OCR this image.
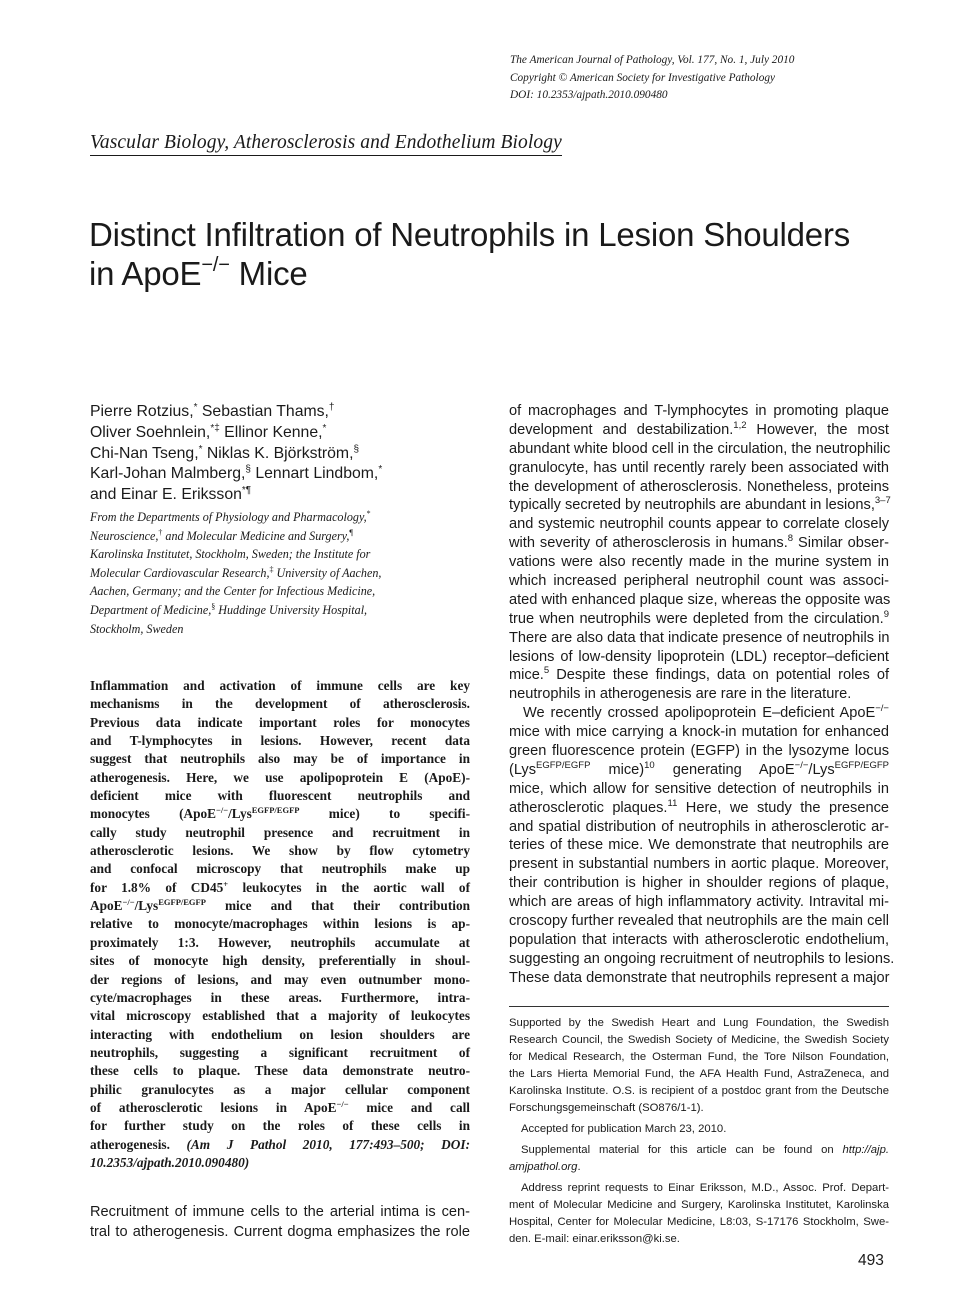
The American Journal of Pathology, Vol. 177, No. 1, July 2010
Copyright © American Society for Investigative Pathology
DOI: 10.2353/ajpath.2010.090480
Vascular Biology, Atherosclerosis and Endothelium Biology
Distinct Infiltration of Neutrophils in Lesion Shoulders
in ApoE−/− Mice
Pierre Rotzius,* Sebastian Thams,†
Oliver Soehnlein,*‡ Ellinor Kenne,*
Chi-Nan Tseng,* Niklas K. Björkström,§
Karl-Johan Malmberg,§ Lennart Lindbom,*
and Einar E. Eriksson*¶
From the Departments of Physiology and Pharmacology,*
Neuroscience,† and Molecular Medicine and Surgery,¶
Karolinska Institutet, Stockholm, Sweden; the Institute for
Molecular Cardiovascular Research,‡ University of Aachen,
Aachen, Germany; and the Center for Infectious Medicine,
Department of Medicine,§ Huddinge University Hospital,
Stockholm, Sweden
Inflammation and activation of immune cells are key
mechanisms in the development of atherosclerosis.
Previous data indicate important roles for monocytes
and T-lymphocytes in lesions. However, recent data
suggest that neutrophils also may be of importance in
atherogenesis. Here, we use apolipoprotein E (ApoE)-
deficient mice with fluorescent neutrophils and
monocytes (ApoE−/−/Lys$^{EGFP/EGFP}$ mice) to specifi-
cally study neutrophil presence and recruitment in
atherosclerotic lesions. We show by flow cytometry
and confocal microscopy that neutrophils make up
for 1.8% of CD45+ leukocytes in the aortic wall of
ApoE−/−/Lys$^{EGFP/EGFP}$ mice and that their contribution
relative to monocyte/macrophages within lesions is ap-
proximately 1:3. However, neutrophils accumulate at
sites of monocyte high density, preferentially in shoul-
der regions of lesions, and may even outnumber mono-
cyte/macrophages in these areas. Furthermore, intra-
vital microscopy established that a majority of leukocytes
interacting with endothelium on lesion shoulders are
neutrophils, suggesting a significant recruitment of
these cells to plaque. These data demonstrate neutro-
philic granulocytes as a major cellular component
of atherosclerotic lesions in ApoE−/− mice and call
for further study on the roles of these cells in
atherogenesis. (Am J Pathol 2010, 177:493–500; DOI:
10.2353/ajpath.2010.090480)
Recruitment of immune cells to the arterial intima is cen-
tral to atherogenesis. Current dogma emphasizes the role
of macrophages and T-lymphocytes in promoting plaque
development and destabilization.$^{1,2}$ However, the most
abundant white blood cell in the circulation, the neutrophilic
granulocyte, has until recently rarely been associated with
the development of atherosclerosis. Nonetheless, proteins
typically secreted by neutrophils are abundant in lesions,$^{3-7}$
and systemic neutrophil counts appear to correlate closely
with severity of atherosclerosis in humans.$^8$ Similar obser-
vations were also recently made in the murine system in
which increased peripheral neutrophil count was associ-
ated with enhanced plaque size, whereas the opposite was
true when neutrophils were depleted from the circulation.$^9$
There are also data that indicate presence of neutrophils in
lesions of low-density lipoprotein (LDL) receptor–deficient
mice.$^5$ Despite these findings, data on potential roles of
neutrophils in atherogenesis are rare in the literature.
We recently crossed apolipoprotein E–deficient ApoE−/−
mice with mice carrying a knock-in mutation for enhanced
green fluorescence protein (EGFP) in the lysozyme locus
(Lys$^{EGFP/EGFP}$ mice)$^{10}$ generating ApoE−/−/Lys$^{EGFP/EGFP}$
mice, which allow for sensitive detection of neutrophils in
atherosclerotic plaques.$^{11}$ Here, we study the presence
and spatial distribution of neutrophils in atherosclerotic ar-
teries of these mice. We demonstrate that neutrophils are
present in substantial numbers in aortic plaque. Moreover,
their contribution is higher in shoulder regions of plaque,
which are areas of high inflammatory activity. Intravital mi-
croscopy further revealed that neutrophils are the main cell
population that interacts with atherosclerotic endothelium,
suggesting an ongoing recruitment of neutrophils to lesions.
These data demonstrate that neutrophils represent a major
Supported by the Swedish Heart and Lung Foundation, the Swedish
Research Council, the Swedish Society of Medicine, the Swedish Society
for Medical Research, the Osterman Fund, the Tore Nilson Foundation,
the Lars Hierta Memorial Fund, the AFA Health Fund, AstraZeneca, and
Karolinska Institute. O.S. is recipient of a postdoc grant from the Deutsche
Forschungsgemeinschaft (SO876/1-1).
Accepted for publication March 23, 2010.
Supplemental material for this article can be found on http://ajp.
amjpathol.org.
Address reprint requests to Einar Eriksson, M.D., Assoc. Prof. Depart-
ment of Molecular Medicine and Surgery, Karolinska Institutet, Karolinska
Hospital, Center for Molecular Medicine, L8:03, S-17176 Stockholm, Swe-
den. E-mail: einar.eriksson@ki.se.
493
